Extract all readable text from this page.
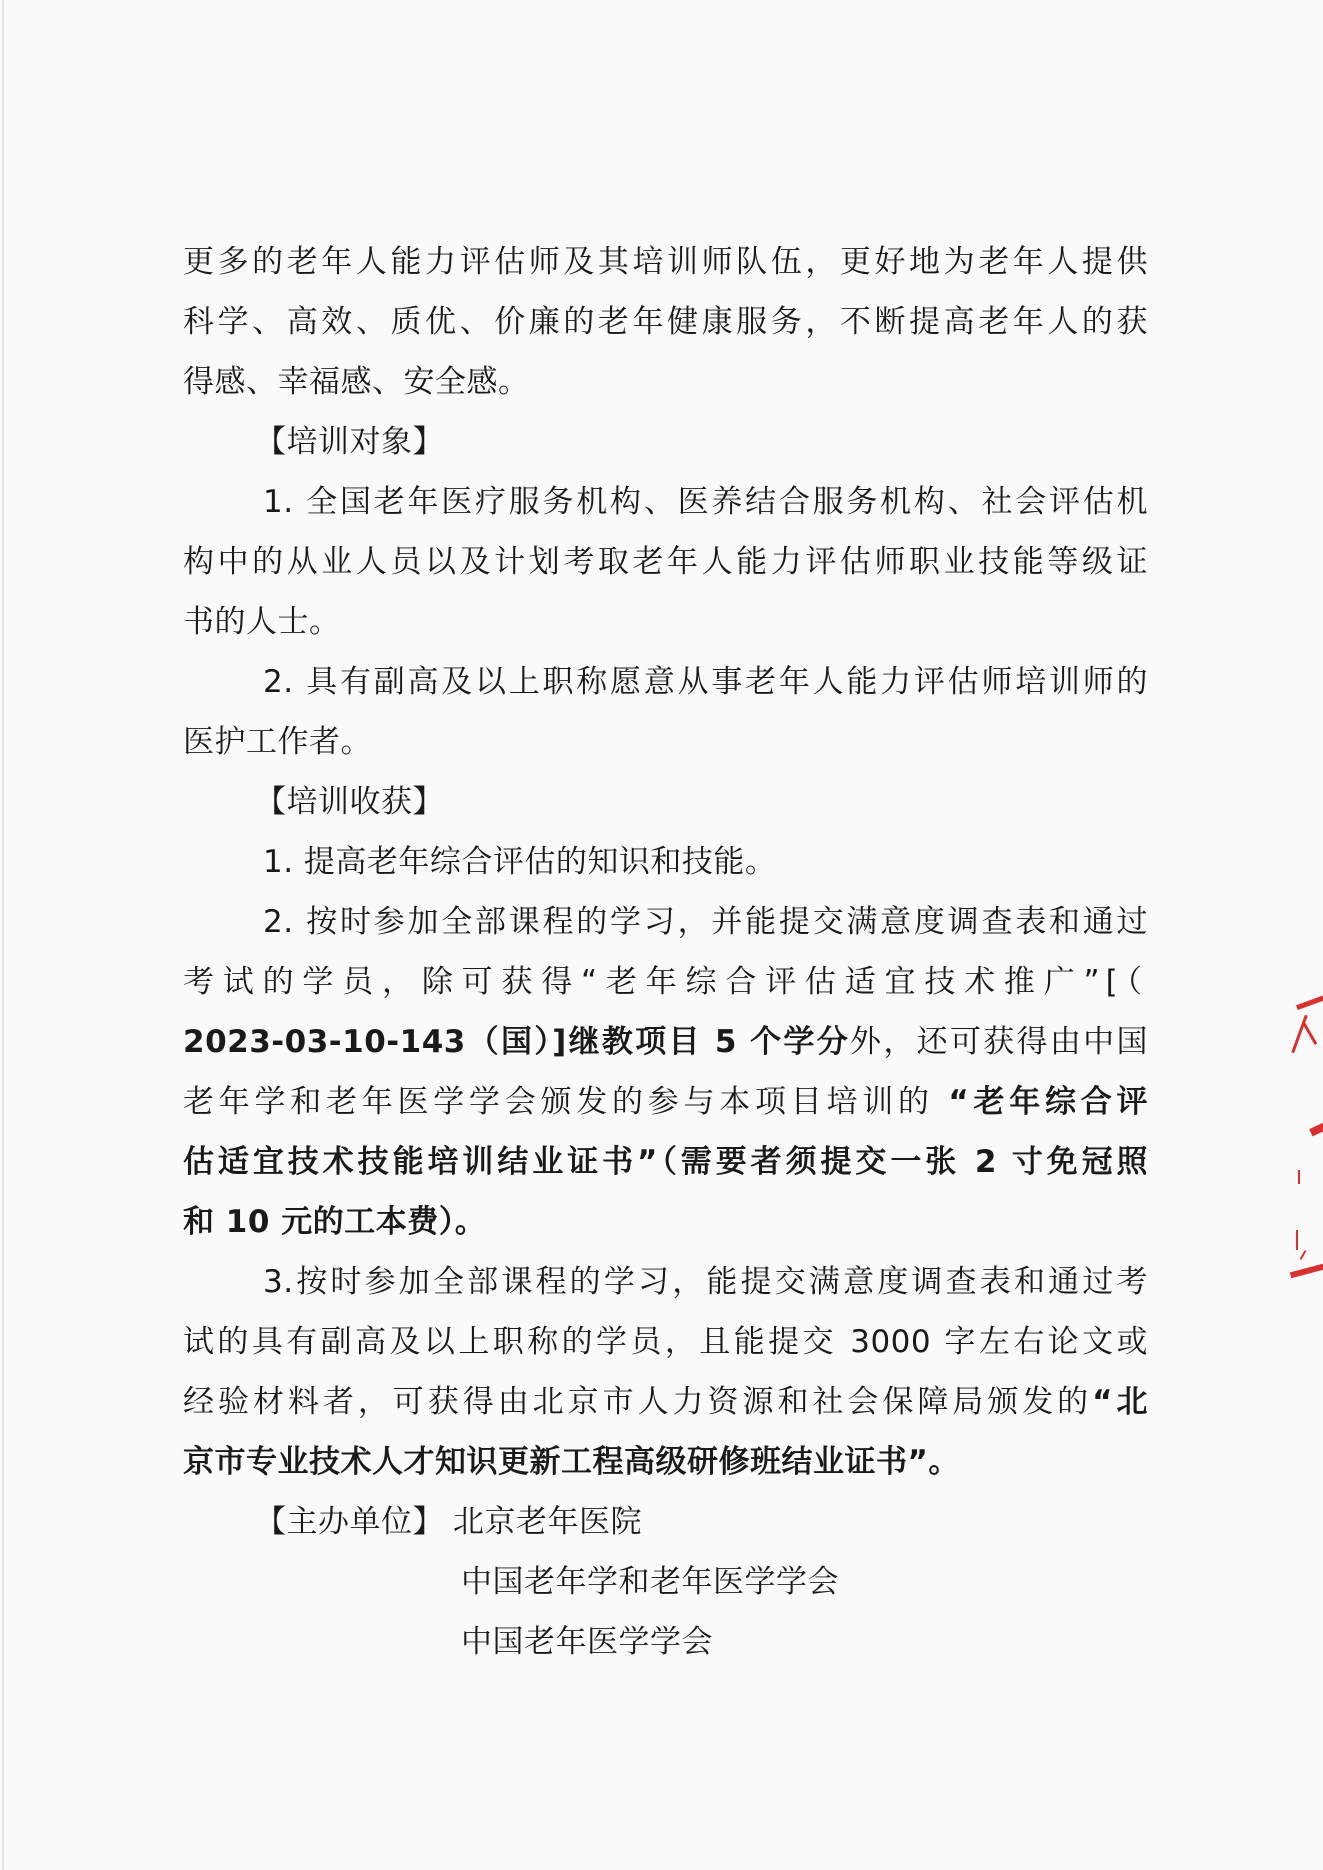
更多的老年人能力评估师及其培训师队伍，更好地为老年人提供
科学、高效、质优、价廉的老年健康服务，不断提高老年人的获
得感、幸福感、安全感。
【培训对象】
1. 全国老年医疗服务机构、医养结合服务机构、社会评估机
构中的从业人员以及计划考取老年人能力评估师职业技能等级证
书的人士。
2. 具有副高及以上职称愿意从事老年人能力评估师培训师的
医护工作者。
【培训收获】
1. 提高老年综合评估的知识和技能。
2. 按时参加全部课程的学习，并能提交满意度调查表和通过
考试的学员，除可获得“老年综合评估适宜技术推广”[（
2023-03-10-143（国）]继教项目 5 个学分外，还可获得由中国
老年学和老年医学学会颁发的参与本项目培训的 “老年综合评
估适宜技术技能培训结业证书”（需要者须提交一张 2 寸免冠照
和 10 元的工本费）。
3.按时参加全部课程的学习，能提交满意度调查表和通过考
试的具有副高及以上职称的学员，且能提交 3000 字左右论文或
经验材料者，可获得由北京市人力资源和社会保障局颁发的“北
京市专业技术人才知识更新工程高级研修班结业证书”。
【主办单位】 北京老年医院
中国老年学和老年医学学会
中国老年医学学会
